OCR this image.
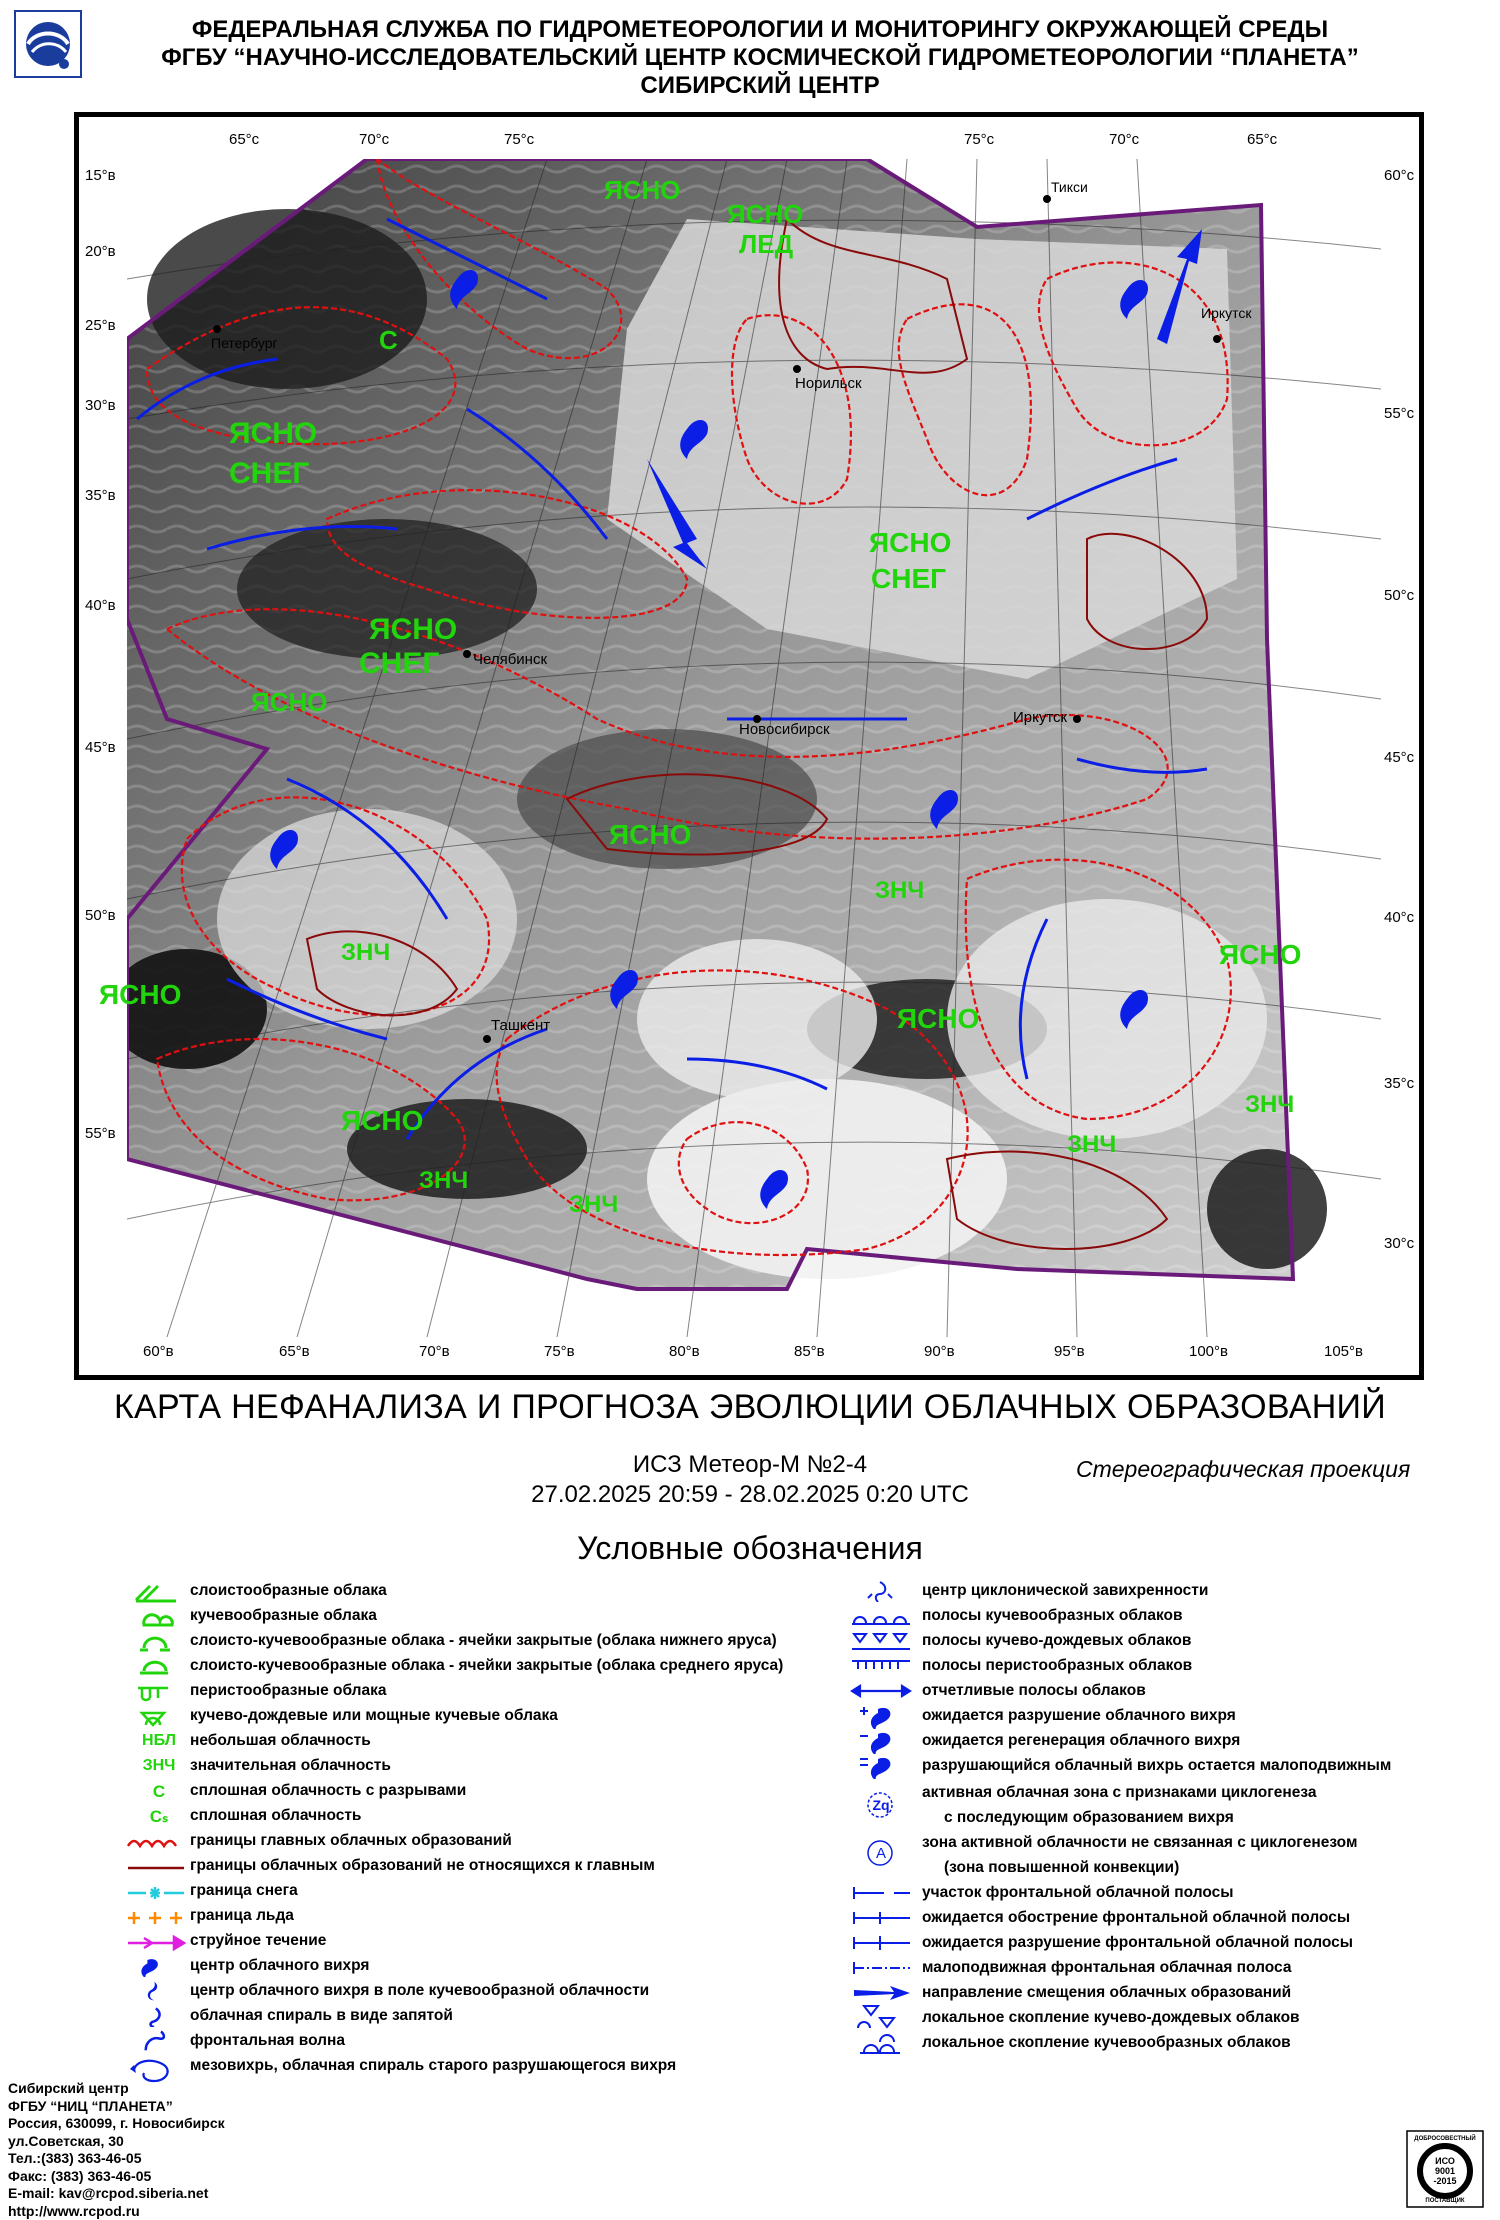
ФЕДЕРАЛЬНАЯ СЛУЖБА ПО ГИДРОМЕТЕОРОЛОГИИ И МОНИТОРИНГУ ОКРУЖАЮЩЕЙ СРЕДЫ
ФГБУ “НАУЧНО-ИССЛЕДОВАТЕЛЬСКИЙ ЦЕНТР КОСМИЧЕСКОЙ ГИДРОМЕТЕОРОЛОГИИ “ПЛАНЕТА”
СИБИРСКИЙ ЦЕНТР
65°c	70°c	75°c	75°c	70°c	65°c
15°в
20°в
25°в
30°в
35°в
40°в
45°в
50°в
55°в
60°c
55°c
50°c
45°c
40°c
35°c
30°c
60°в	65°в	70°в	75°в	80°в	85°в	90°в	95°в	100°в	105°в
Тикси
Норильск
Новосибирск
Иркутск
Челябинск
Ташкент
Петербург
Иркутск
ЯСНО
ЯСНО
ЛЕД
ЯСНО
СНЕГ
ЯСНО
СНЕГ
ЯСНО
СНЕГ
ЯСНО
ЯСНО
ЯСНО
ЯСНО
ЯСНО
ЯСНО
ЗНЧ
ЗНЧ
ЗНЧ
ЗНЧ
ЗНЧ
ЗНЧ
С
КАРТА НЕФАНАЛИЗА И ПРОГНОЗА ЭВОЛЮЦИИ ОБЛАЧНЫХ ОБРАЗОВАНИЙ
ИСЗ Метеор-М №2-4
27.02.2025 20:59 - 28.02.2025 0:20 UTC
Стереографическая проекция
Условные обозначения
слоистообразные облака
кучевообразные облака
слоисто-кучевообразные облака - ячейки закрытые (облака нижнего яруса)
слоисто-кучевообразные облака - ячейки закрытые (облака среднего яруса)
перистообразные облака
кучево-дождевые или мощные кучевые облака
НБЛ небольшая облачность
ЗНЧ значительная облачность
С	сплошная облачность с разрывами
Сₛ	сплошная облачность
границы главных облачных образований
границы облачных образований не относящихся к главным
граница снега
граница льда
струйное течение
центр облачного вихря
центр облачного вихря в поле кучевообразной облачности
облачная спираль в виде запятой
фронтальная волна
мезовихрь, облачная спираль старого разрушающегося вихря
центр циклонической завихренности
полосы кучевообразных облаков
полосы кучево-дождевых облаков
полосы перистообразных облаков
отчетливые полосы облаков
ожидается разрушение облачного вихря
ожидается регенерация облачного вихря
разрушающийся облачный вихрь остается малоподвижным
Zq
активная облачная зона с признаками циклогенеза
с последующим образованием вихря
A
зона активной облачности не связанная с циклогенезом
(зона повышенной конвекции)
участок фронтальной облачной полосы
ожидается обострение фронтальной облачной полосы
ожидается разрушение фронтальной облачной полосы
малоподвижная фронтальная облачная полоса
направление смещения облачных образований
локальное скопление кучево-дождевых облаков
локальное скопление кучевообразных облаков
Сибирский центр
ФГБУ “НИЦ “ПЛАНЕТА”
Россия, 630099, г. Новосибирск
ул.Советская, 30
Тел.:(383) 363-46-05
Факс: (383) 363-46-05
E-mail: kav@rcpod.siberia.net
http://www.rcpod.ru
ДОБРОСОВЕСТНЫЙ
ИСО
9001
-2015
ПОСТАВЩИК
